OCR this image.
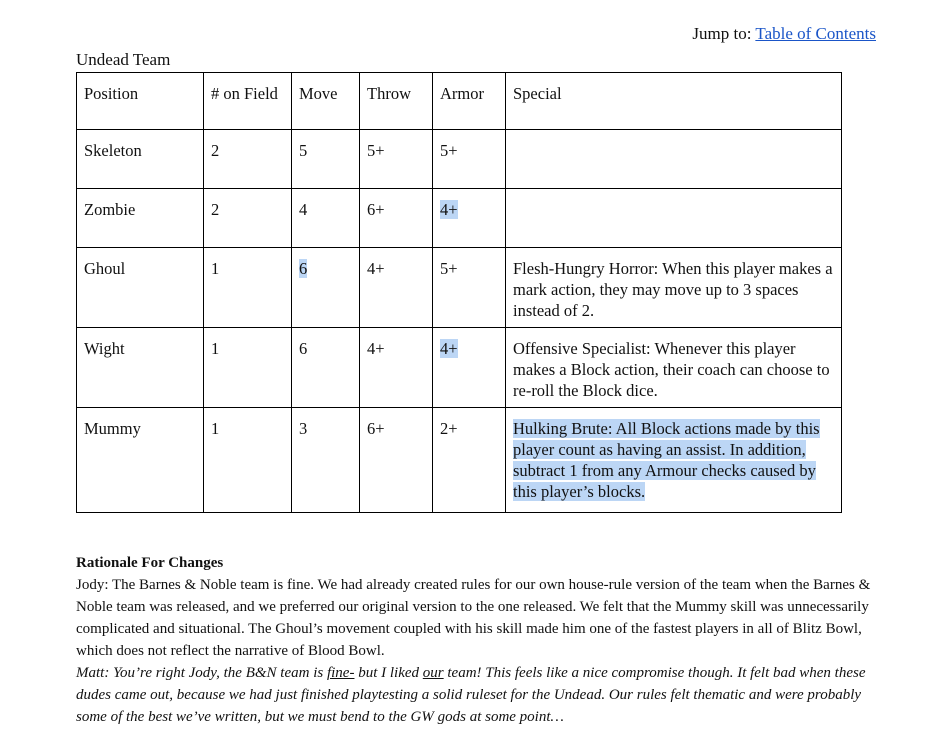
Jump to: Table of Contents
Undead Team
Position	# on Field	Move	Throw	Armor	Special
Skeleton	2	5	5+	5+	
Zombie	2	4	6+	4+	
Ghoul	1	6	4+	5+	Flesh-Hungry Horror: When this player makes a mark action, they may move up to 3 spaces instead of 2.
Wight	1	6	4+	4+	Offensive Specialist: Whenever this player makes a Block action, their coach can choose to re-roll the Block dice.
Mummy	1	3	6+	2+	Hulking Brute: All Block actions made by this player count as having an assist. In addition, subtract 1 from any Armour checks caused by this player’s blocks.
Rationale For Changes
Jody: The Barnes & Noble team is fine. We had already created rules for our own house-rule version of the team when the Barnes & Noble team was released, and we preferred our original version to the one released. We felt that the Mummy skill was unnecessarily complicated and situational. The Ghoul’s movement coupled with his skill made him one of the fastest players in all of Blitz Bowl, which does not reflect the narrative of Blood Bowl.
Matt: You’re right Jody, the B&N team is fine- but I liked our team! This feels like a nice compromise though. It felt bad when these dudes came out, because we had just finished playtesting a solid ruleset for the Undead. Our rules felt thematic and were probably some of the best we’ve written, but we must bend to the GW gods at some point…
